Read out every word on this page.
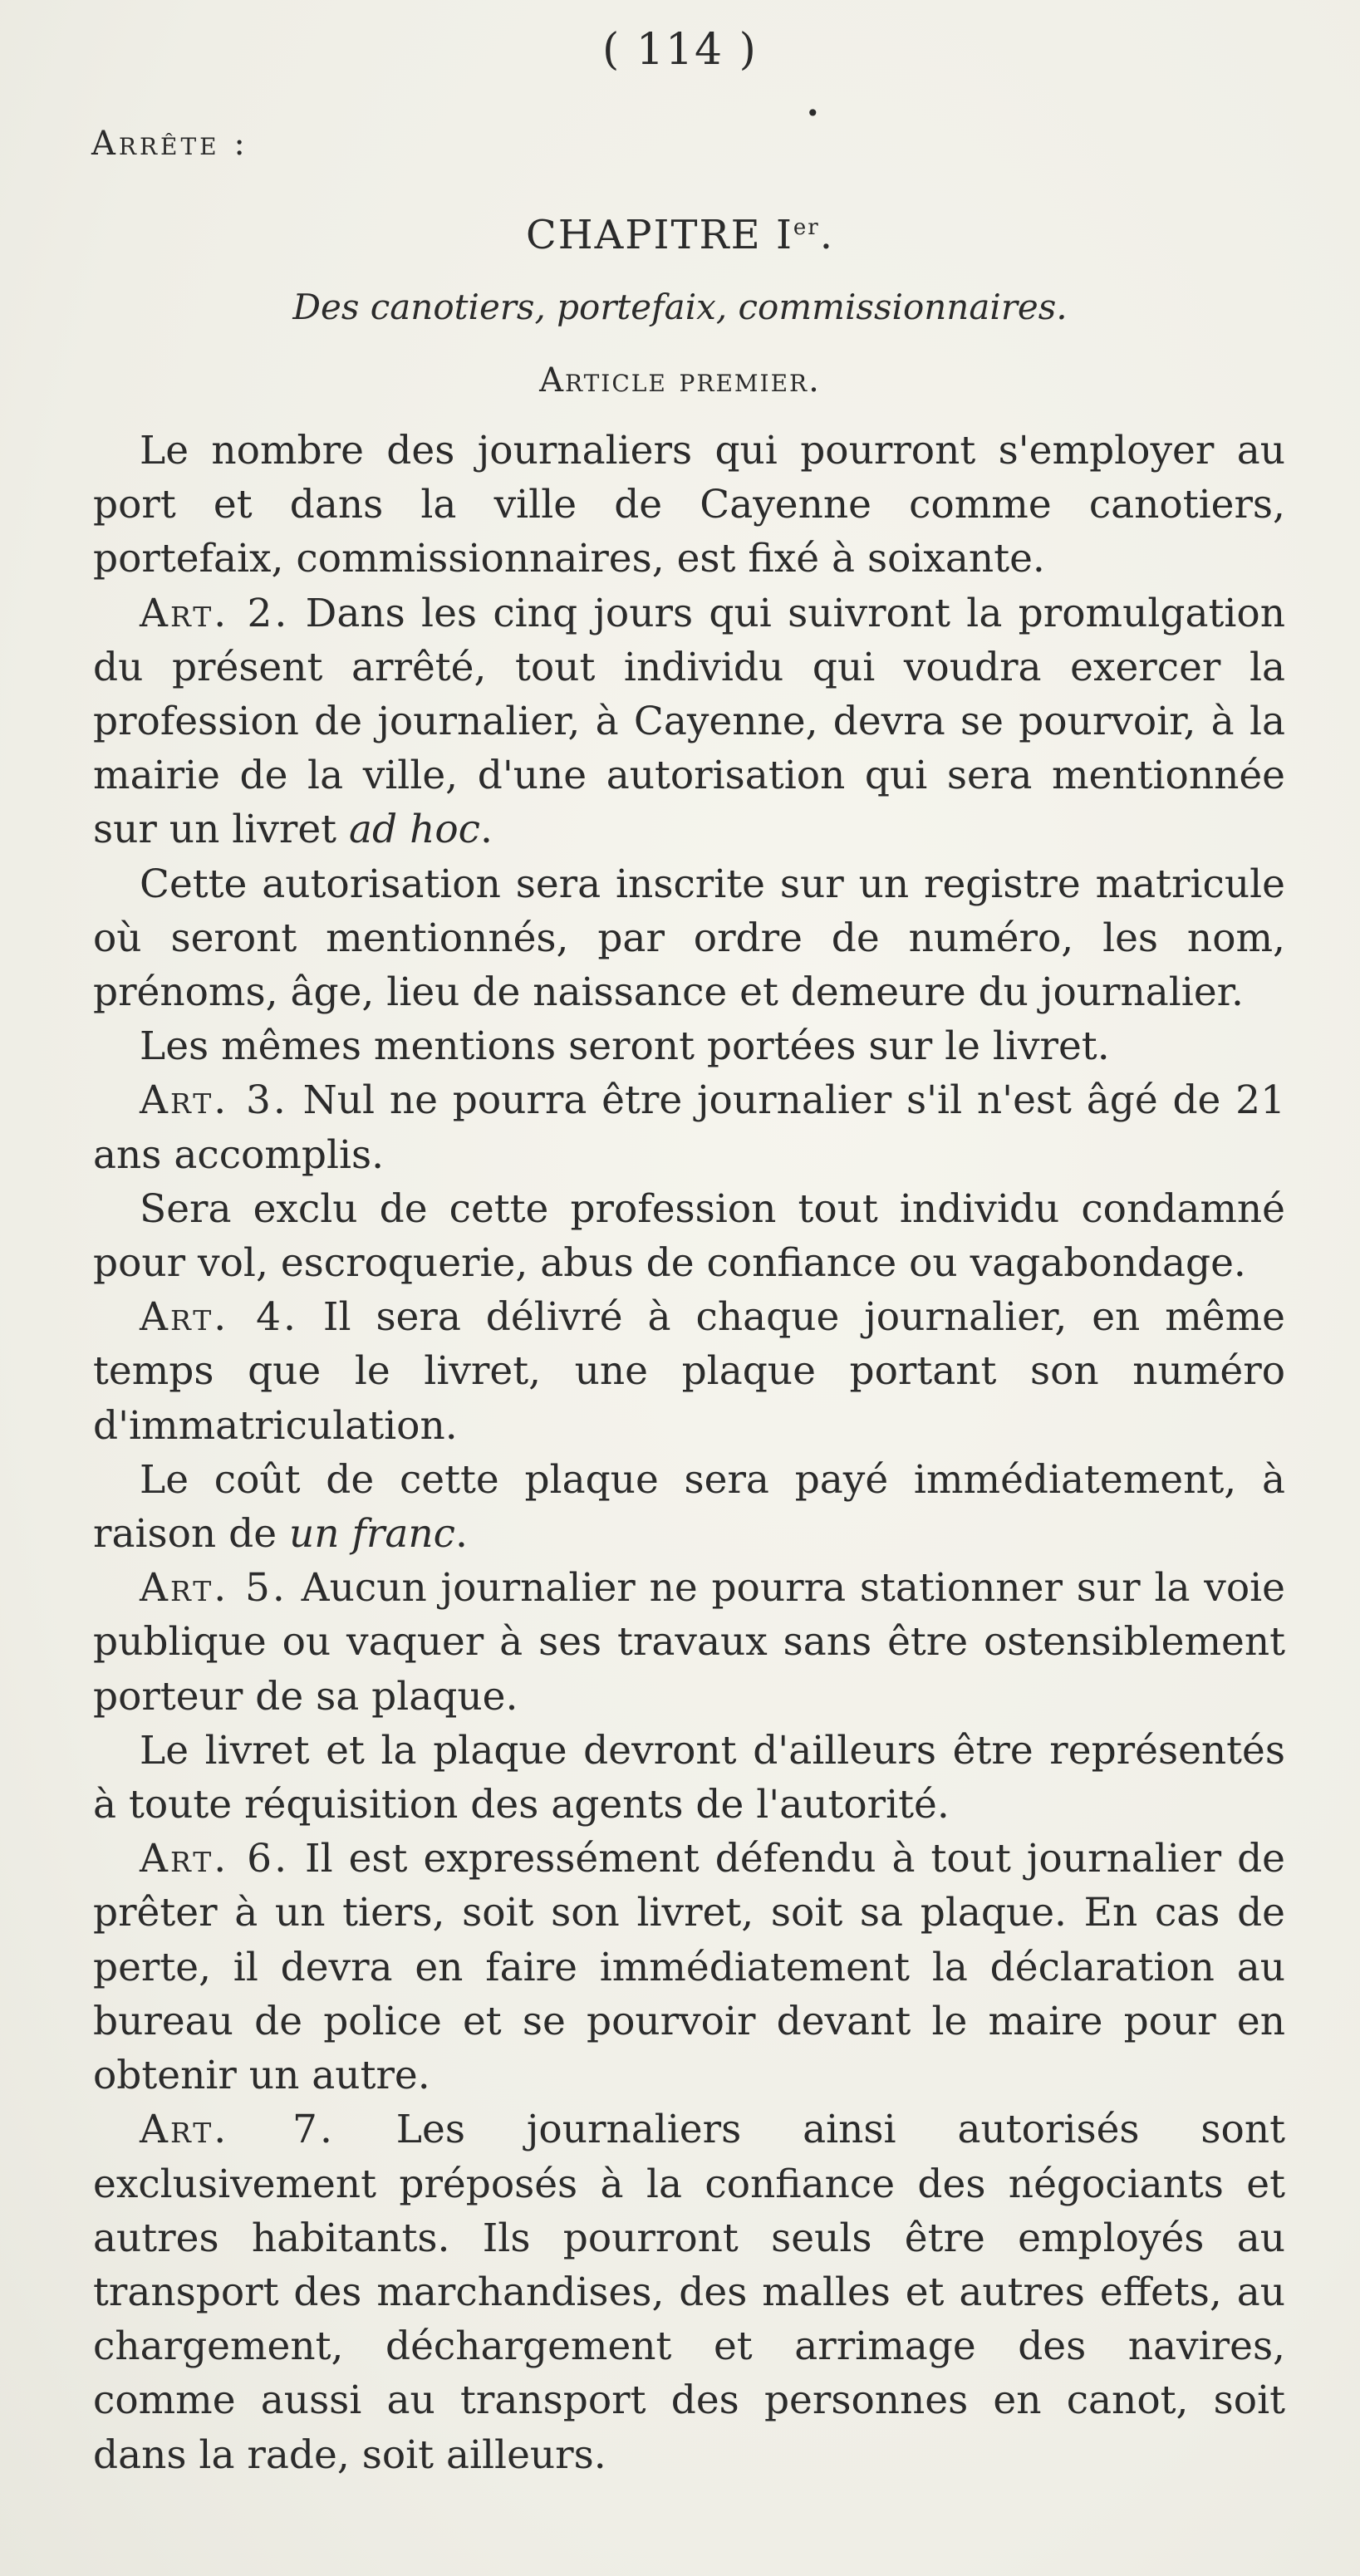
( 114 )
•
Arrête :
CHAPITRE Ier.
Des canotiers, portefaix, commissionnaires.
Article premier.

Le nombre des journaliers qui pourront s'employer au port et dans la ville de Cayenne comme canotiers, portefaix, commissionnaires, est fixé à soixante.

Art. 2. Dans les cinq jours qui suivront la promulgation du présent arrêté, tout individu qui voudra exercer la profession de journalier, à Cayenne, devra se pourvoir, à la mairie de la ville, d'une autorisation qui sera mentionnée sur un livret ad hoc.

Cette autorisation sera inscrite sur un registre matricule où seront mentionnés, par ordre de numéro, les nom, prénoms, âge, lieu de naissance et demeure du journalier.

Les mêmes mentions seront portées sur le livret.

Art. 3. Nul ne pourra être journalier s'il n'est âgé de 21 ans accomplis.

Sera exclu de cette profession tout individu condamné pour vol, escroquerie, abus de confiance ou vagabondage.

Art. 4. Il sera délivré à chaque journalier, en même temps que le livret, une plaque portant son numéro d'immatriculation.

Le coût de cette plaque sera payé immédiatement, à raison de un franc.

Art. 5. Aucun journalier ne pourra stationner sur la voie publique ou vaquer à ses travaux sans être ostensiblement porteur de sa plaque.

Le livret et la plaque devront d'ailleurs être représentés à toute réquisition des agents de l'autorité.

Art. 6. Il est expressément défendu à tout journalier de prêter à un tiers, soit son livret, soit sa plaque. En cas de perte, il devra en faire immédiatement la déclaration au bureau de police et se pourvoir devant le maire pour en obtenir un autre.

Art. 7. Les journaliers ainsi autorisés sont exclusivement préposés à la confiance des négociants et autres habitants. Ils pourront seuls être employés au transport des marchandises, des malles et autres effets, au chargement, déchargement et arrimage des navires, comme aussi au transport des personnes en canot, soit dans la rade, soit ailleurs.
